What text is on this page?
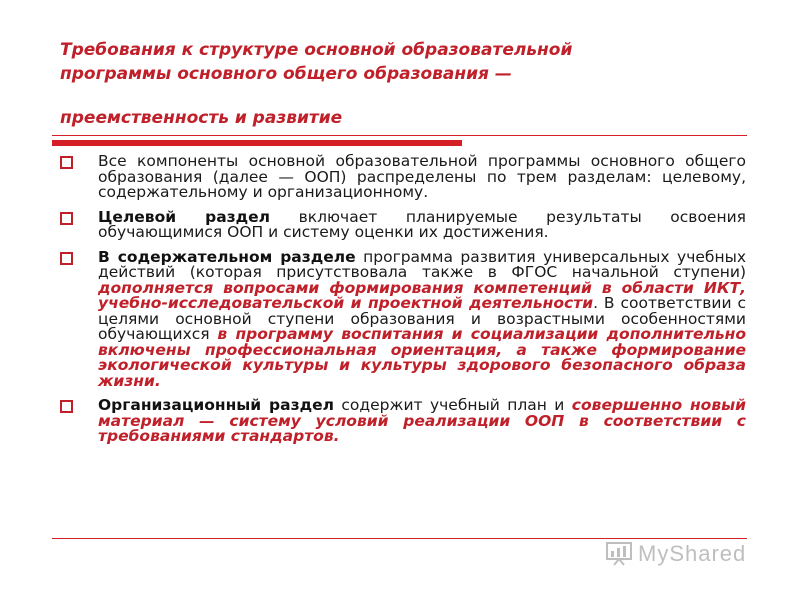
Требования к структуре основной образовательной
программы основного общего образования —
преемственность и развитие
Все компоненты основной образовательной программы основного общего образования (далее — ООП) распределены по трем разделам: целевому, содержательному и организационному.
Целевой раздел включает планируемые результаты освоения обучающимися ООП и систему оценки их достижения.
В содержательном разделе программа развития универсальных учебных действий (которая присутствовала также в ФГОС начальной ступени) дополняется вопросами формирования компетенций в области ИКТ, учебно-исследовательской и проектной деятельности. В соответствии с целями основной ступени образования и возрастными особенностями обучающихся в программу воспитания и социализации дополнительно включены профессиональная ориентация, а также формирование экологической культуры и культуры здорового безопасного образа жизни.
Организационный раздел содержит учебный план и совершенно новый материал — систему условий реализации ООП в соответствии с требованиями стандартов.
MyShared
